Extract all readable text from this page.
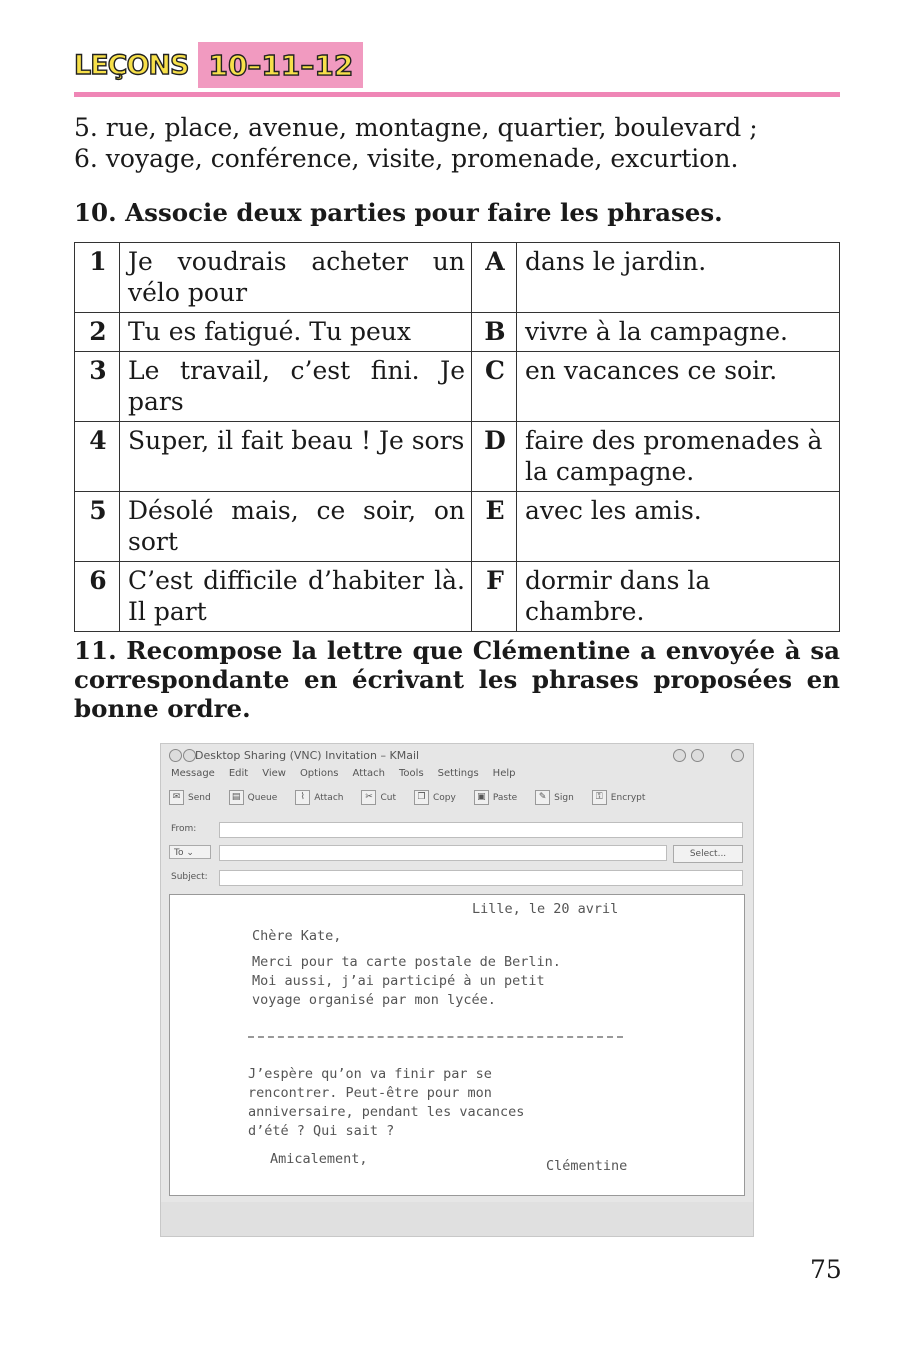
LEÇONS 10–11–12
5. rue, place, avenue, montagne, quartier, boulevard ;
6. voyage, conférence, visite, promenade, excurtion.
10. Associe deux parties pour faire les phrases.
1	Je voudrais acheter un vélo pour	A	dans le jardin.
2	Tu es fatigué. Tu peux	B	vivre à la campagne.
3	Le travail, c’est fini. Je pars	C	en vacances ce soir.
4	Super, il fait beau ! Je sors	D	faire des promenades à la campagne.
5	Désolé mais, ce soir, on sort	E	avec les amis.
6	C’est difficile d’habiter là. Il part	F	dormir dans la chambre.
11. Recompose la lettre que Clémentine a envoyée à sa correspondante en écrivant les phrases proposées en bonne ordre.
Desktop Sharing (VNC) Invitation – KMail
Message Edit View Options Attach Tools Settings Help
✉ Send	▤ Queue	⌇	Attach	✂ Cut	❐ Copy	▣ Paste	✎ Sign	⚿ Encrypt
From:
To ⌄	Select...
Subject:
Lille, le 20 avril
Chère Kate,
Merci pour ta carte postale de Berlin.
Moi aussi, j’ai participé à un petit
voyage organisé par mon lycée.
J’espère qu’on va finir par se
rencontrer. Peut-être pour mon
anniversaire, pendant les vacances
d’été ? Qui sait ?
Amicalement,	Clémentine
75
